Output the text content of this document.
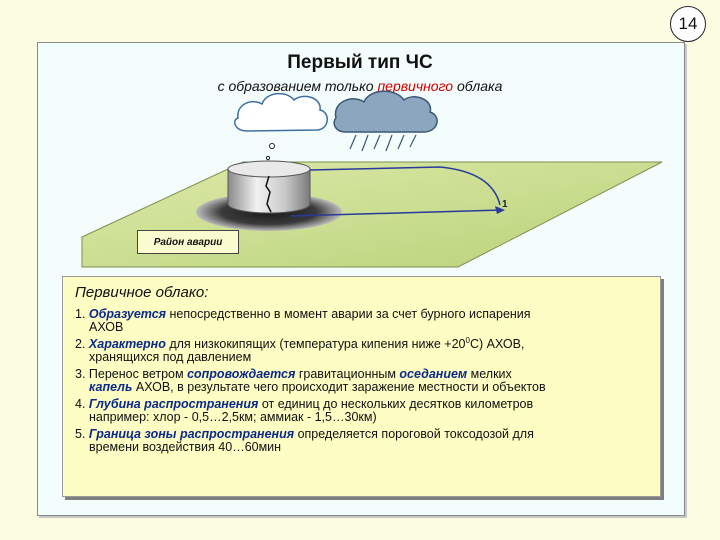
14
Первый тип ЧС
с образованием только первичного облака
1
Район аварии
Первичное облако:
1. Образуется непосредственно в момент аварии за счет бурного испарения
АХОВ
2. Характерно для низкокипящих (температура кипения ниже $+20^0С$) АХОВ,
хранящихся под давлением
3. Перенос ветром сопровождается гравитационным оседанием мелких
капель АХОВ, в результате чего происходит заражение местности и объектов
4. Глубина распространения от единиц до нескольких десятков километров
например: хлор - 0,5…2,5км; аммиак - 1,5…30км)
5. Граница зоны распространения определяется пороговой токсодозой для
времени воздействия 40…60мин
